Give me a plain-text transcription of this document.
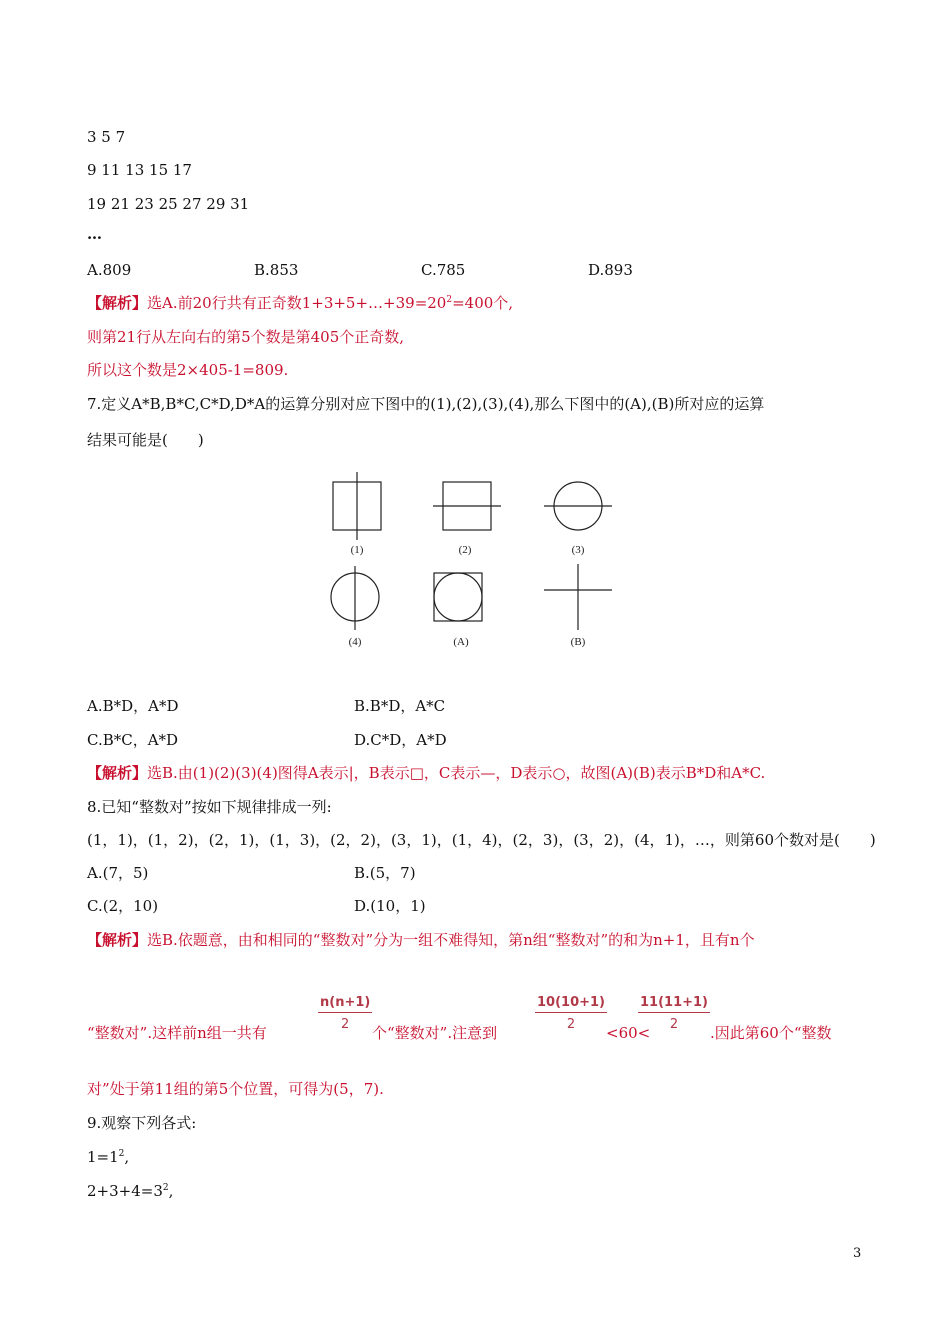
3 5 7
9 11 13 15 17
19 21 23 25 27 29 31
…
A.809	B.853	C.785	D.893
【解析】选A.前20行共有正奇数$1+3+5+\dots+39=20^2=400$个,
则第21行从左向右的第5个数是第405个正奇数,
所以这个数是2×405-1=809.
7.定义A*B,B*C,C*D,D*A的运算分别对应下图中的(1),(2),(3),(4),那么下图中的(A),(B)所对应的运算
结果可能是(　　)
(1)	(2)	(3)
(4)	(A)	(B)
A.B*D，A*D	B.B*D，A*C
C.B*C，A*D	D.C*D，A*D
【解析】选B.由(1)(2)(3)(4)图得A表示|，B表示□，C表示—，D表示○，故图(A)(B)表示B*D和A*C.
8.已知“整数对”按如下规律排成一列:
(1，1)，(1，2)，(2，1)，(1，3)，(2，2)，(3，1)，(1，4)，(2，3)，(3，2)，(4，1)，…，则第60个数对是(　　)
A.(7，5)	B.(5，7)
C.(2，10)	D.(10，1)
【解析】选B.依题意，由和相同的“整数对”分为一组不难得知，第n组“整数对”的和为n+1，且有n个
“整数对”.这样前n组一共有
$\frac{n(n+1)}{2}$
个“整数对”.注意到
$\frac{10(10+1)}{2}$
<60<
$\frac{11(11+1)}{2}$
.因此第60个“整数
对”处于第11组的第5个位置，可得为(5，7).
9.观察下列各式:
$1=1^2$,
$2+3+4=3^2$,
3
